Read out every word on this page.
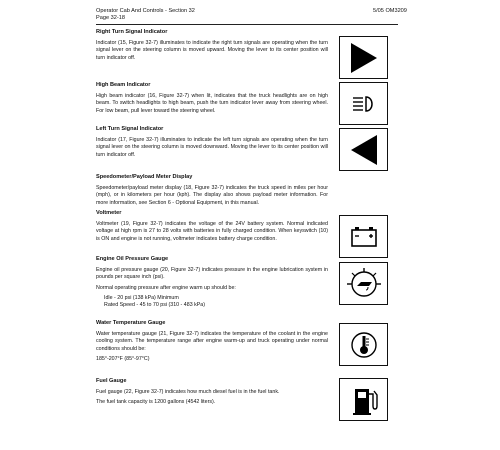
Operator Cab And Controls - Section 32
Page 32-18
5/05 OM3209
Right Turn Signal Indicator

Indicator (15, Figure 32-7) illuminates to indicate the right turn signals are operating when the turn signal lever on the steering column is moved upward. Moving the lever to its center position will turn indicator off.

High Beam Indicator

High beam indicator (16, Figure 32-7) when lit, indicates that the truck headlights are on high beam. To switch headlights to high beam, push the turn indicator lever away from steering wheel. For low beam, pull lever toward the steering wheel.

Left Turn Signal Indicator

Indicator (17, Figure 32-7) illuminates to indicate the left turn signals are operating when the turn signal lever on the steering column is moved downward. Moving the lever to its center position will turn indicator off.

Speedometer/Payload Meter Display

Speedometer/payload meter display (18, Figure 32-7) indicates the truck speed in miles per hour (mph), or in kilometers per hour (kph). The display also shows payload meter information. For more information, see Section 6 - Optional Equipment, in this manual.

Voltmeter

Voltmeter (19, Figure 32-7) indicates the voltage of the 24V battery system. Normal indicated voltage at high rpm is 27 to 28 volts with batteries in fully charged condition. When keyswitch (10) is ON and engine is not running, voltmeter indicates battery charge condition.

Engine Oil Pressure Gauge

Engine oil pressure gauge (20, Figure 32-7) indicates pressure in the engine lubrication system in pounds per square inch (psi).

Normal operating pressure after engine warm up should be:

Idle - 20 psi (138 kPa) Minimum

Rated Speed - 45 to 70 psi (310 - 483 kPa)

Water Temperature Gauge

Water temperature gauge (21, Figure 32-7) indicates the temperature of the coolant in the engine cooling system. The temperature range after engine warm-up and truck operating under normal conditions should be:

185°-207°F (85°-97°C)

Fuel Gauge

Fuel gauge (22, Figure 32-7) indicates how much diesel fuel is in the fuel tank.

The fuel tank capacity is 1200 gallons (4542 liters).
